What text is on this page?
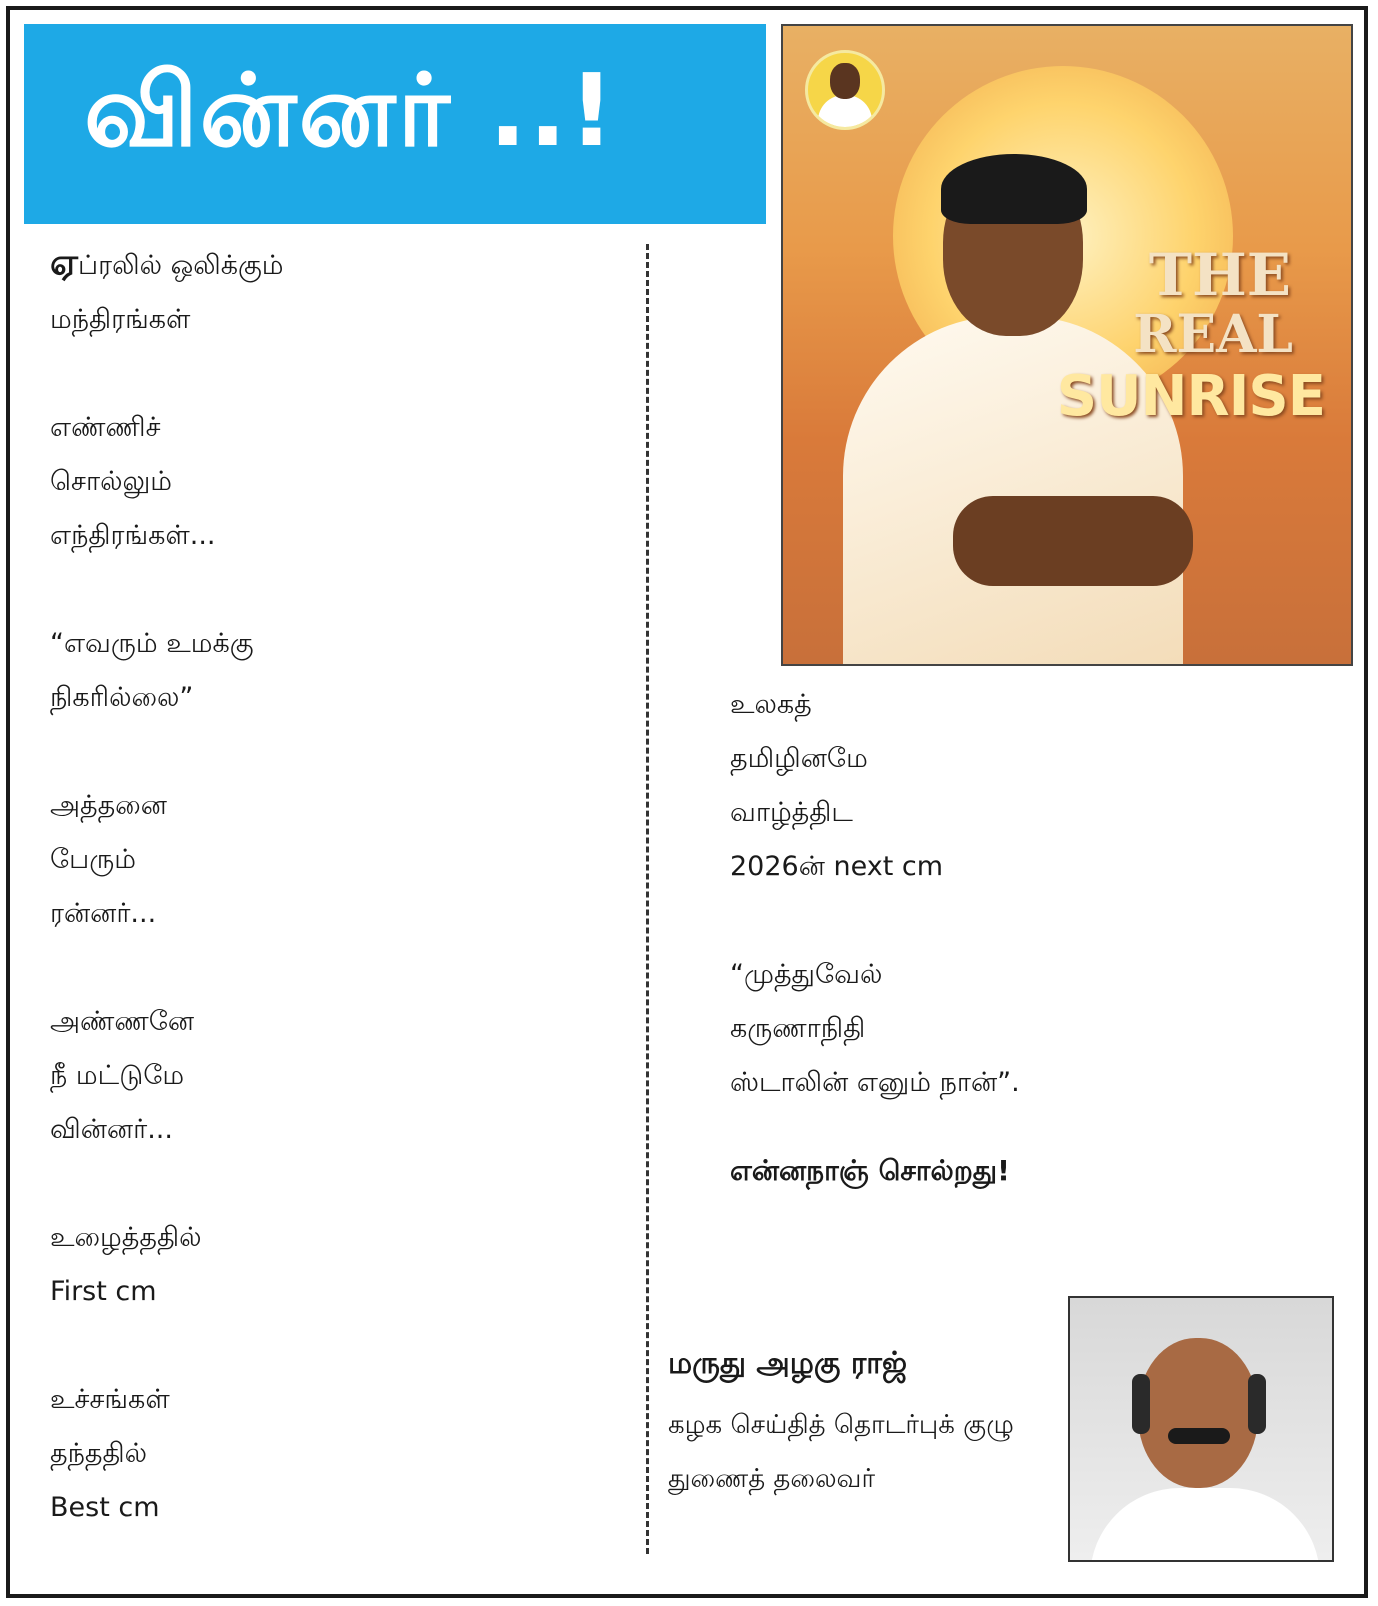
வின்னர் ..!
ஏப்ரலில் ஒலிக்கும்
மந்திரங்கள்

எண்ணிச்
சொல்லும்
எந்திரங்கள்...

“எவரும் உமக்கு
நிகரில்லை”

அத்தனை
பேரும்
ரன்னர்...

அண்ணனே
நீ மட்டுமே
வின்னர்...

உழைத்ததில்
First cm

உச்சங்கள்
தந்ததில்
Best cm
THE
REAL
SUNRISE
உலகத்
தமிழினமே
வாழ்த்திட
2026ன் next cm

“முத்துவேல்
கருணாநிதி
ஸ்டாலின் எனும் நான்”.
என்னநாஞ் சொல்றது!
மருது அழகு ராஜ்
கழக செய்தித் தொடர்புக் குழு
துணைத் தலைவர்
